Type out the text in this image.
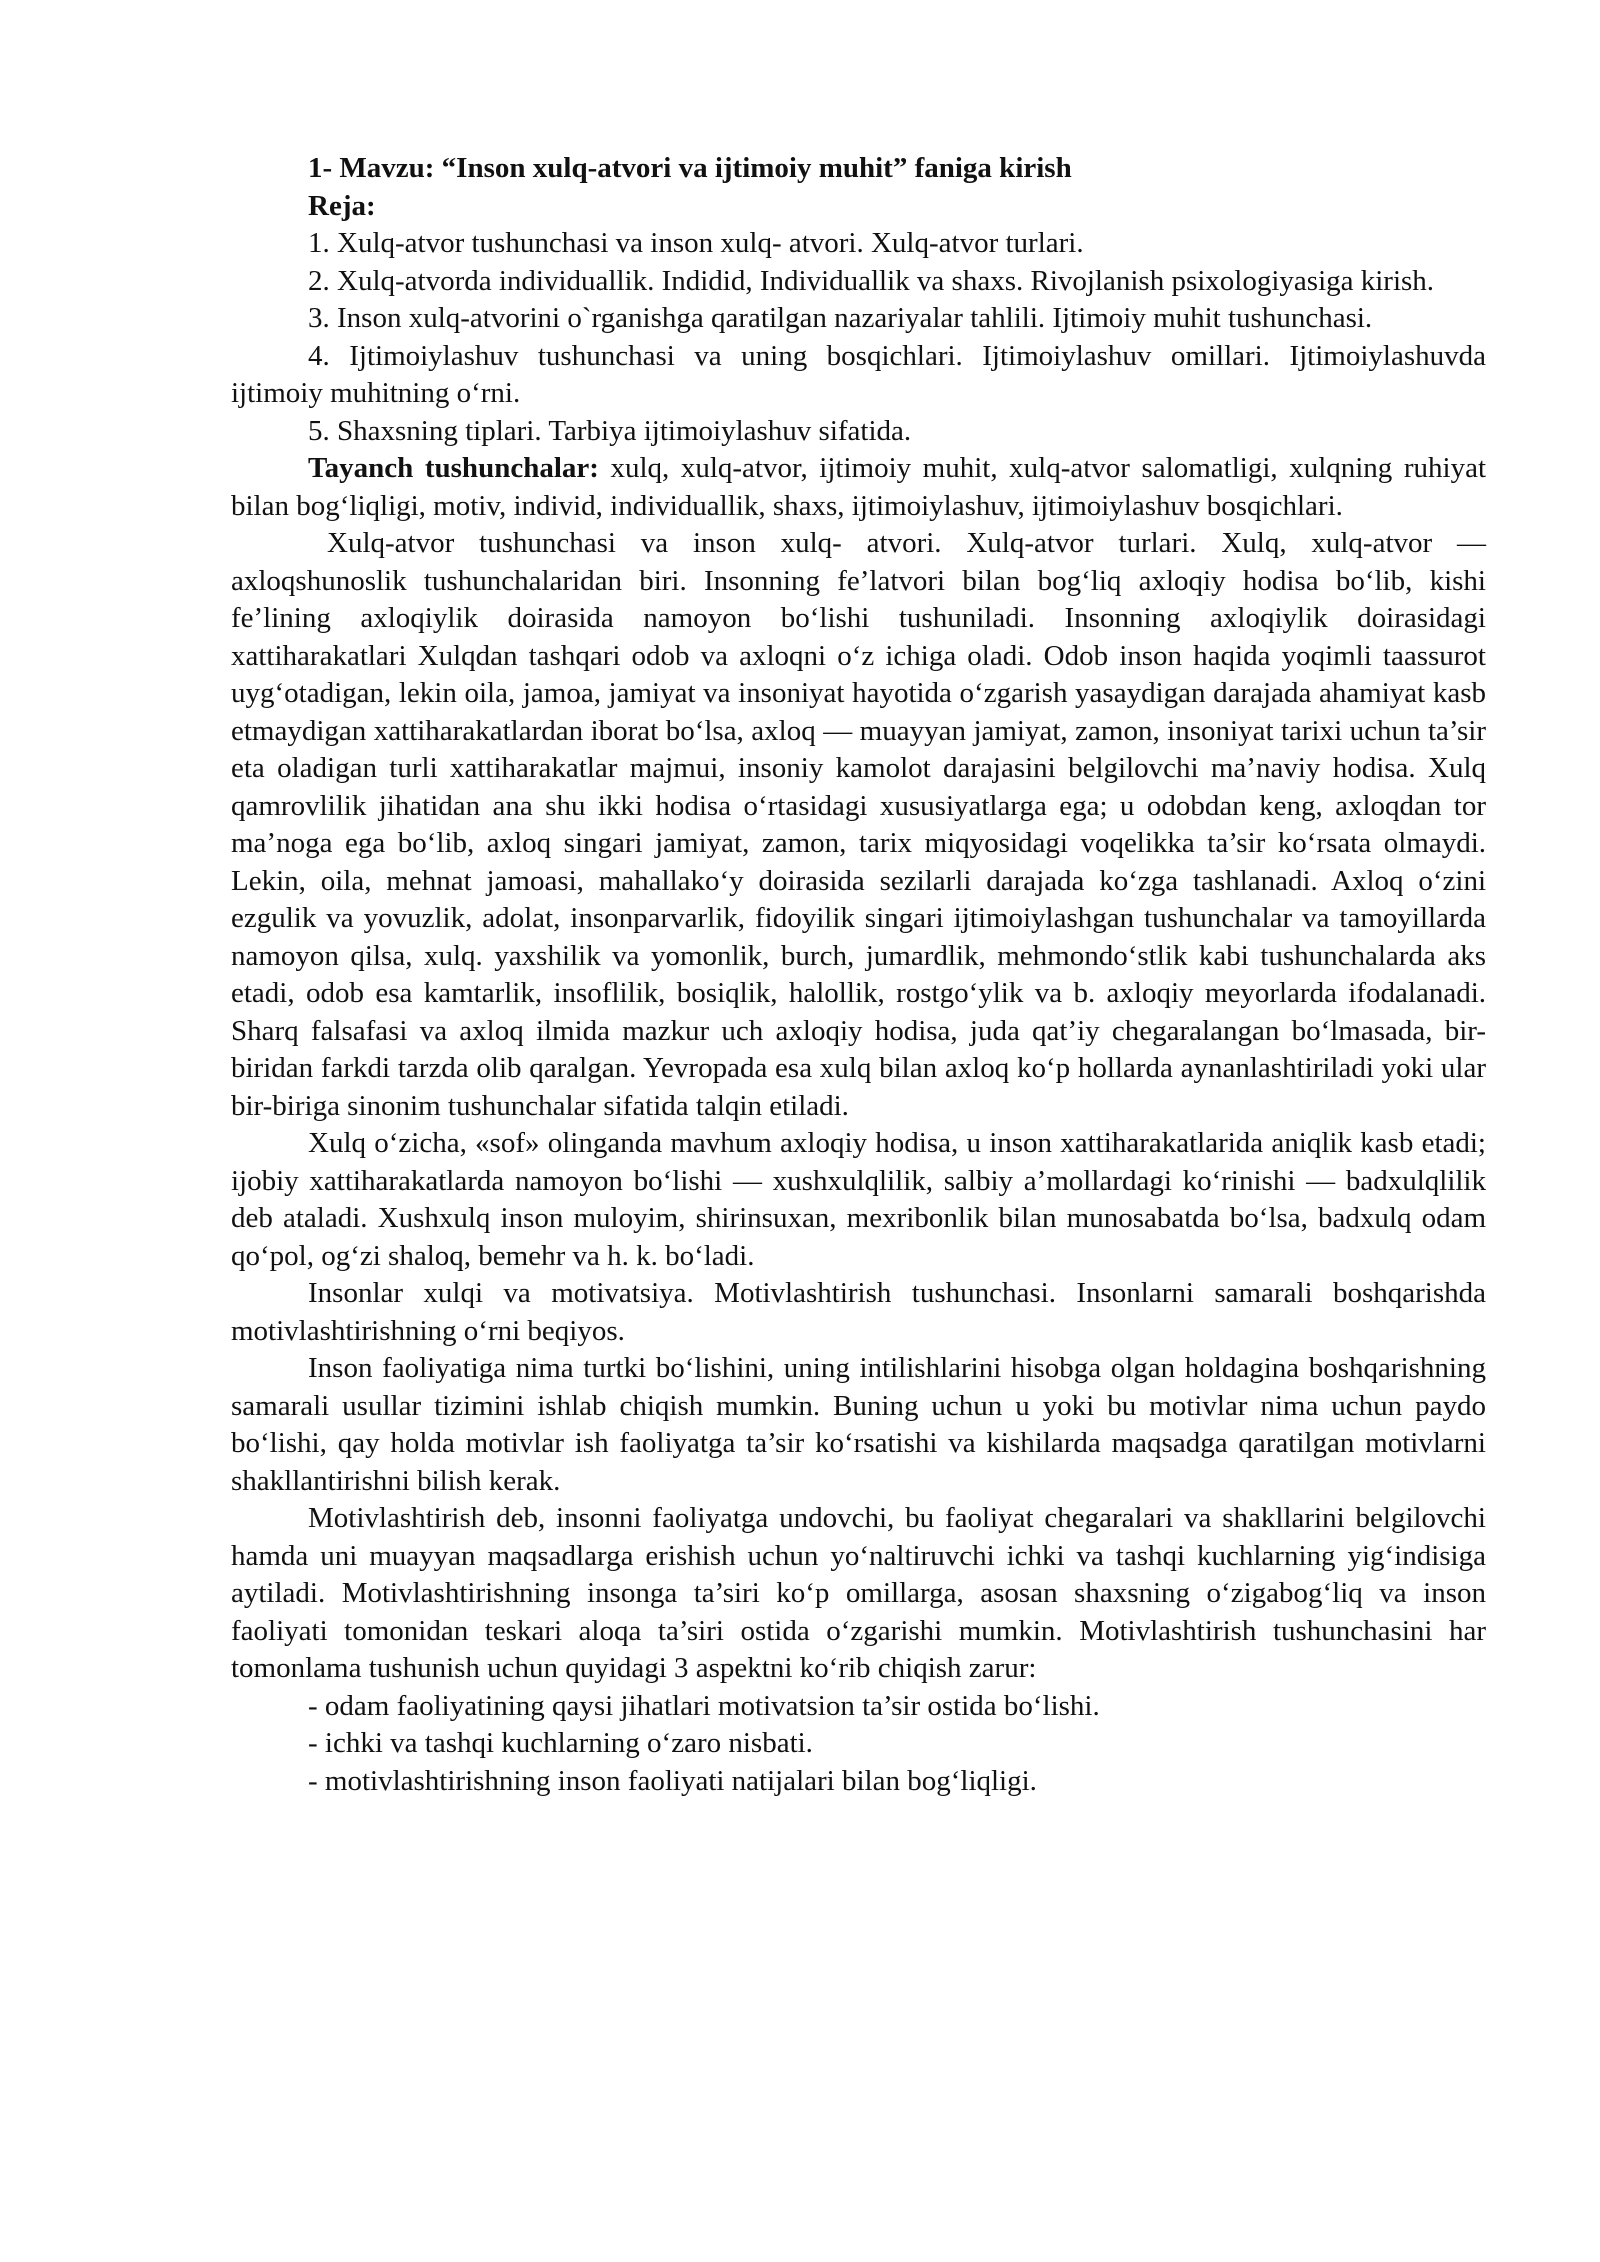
1- Mavzu: “Inson xulq-atvori va ijtimoiy muhit” faniga kirish
Reja:

1. Xulq-atvor tushunchasi va inson xulq- atvori. Xulq-atvor turlari.

2. Xulq-atvorda individuallik. Indidid, Individuallik va shaxs. Rivojlanish psixologiyasiga kirish.

3. Inson xulq-atvorini o`rganishga qaratilgan nazariyalar tahlili. Ijtimoiy muhit tushunchasi.

4. Ijtimoiylashuv tushunchasi va uning bosqichlari. Ijtimoiylashuv omillari. Ijtimoiylashuvda ijtimoiy muhitning o‘rni.

5. Shaxsning tiplari. Tarbiya ijtimoiylashuv sifatida.

Tayanch tushunchalar: xulq, xulq-atvor, ijtimoiy muhit, xulq-atvor salomatligi, xulqning ruhiyat bilan bog‘liqligi, motiv, individ, individuallik, shaxs, ijtimoiylashuv, ijtimoiylashuv bosqichlari.

Xulq-atvor tushunchasi va inson xulq- atvori. Xulq-atvor turlari. Xulq, xulq-atvor — axloqshunoslik tushunchalaridan biri. Insonning fe’latvori bilan bog‘liq axloqiy hodisa bo‘lib, kishi fe’lining axloqiylik doirasida namoyon bo‘lishi tushuniladi. Insonning axloqiylik doirasidagi xattiharakatlari Xulqdan tashqari odob va axloqni o‘z ichiga oladi. Odob inson haqida yoqimli taassurot uyg‘otadigan, lekin oila, jamoa, jamiyat va insoniyat hayotida o‘zgarish yasaydigan darajada ahamiyat kasb etmaydigan xattiharakatlardan iborat bo‘lsa, axloq — muayyan jamiyat, zamon, insoniyat tarixi uchun ta’sir eta oladigan turli xattiharakatlar majmui, insoniy kamolot darajasini belgilovchi ma’naviy hodisa. Xulq qamrovlilik jihatidan ana shu ikki hodisa o‘rtasidagi xususiyatlarga ega; u odobdan keng, axloqdan tor ma’noga ega bo‘lib, axloq singari jamiyat, zamon, tarix miqyosidagi voqelikka ta’sir ko‘rsata olmaydi. Lekin, oila, mehnat jamoasi, mahallako‘y doirasida sezilarli darajada ko‘zga tashlanadi. Axloq o‘zini ezgulik va yovuzlik, adolat, insonparvarlik, fidoyilik singari ijtimoiylashgan tushunchalar va tamoyillarda namoyon qilsa, xulq. yaxshilik va yomonlik, burch, jumardlik, mehmondo‘stlik kabi tushunchalarda aks etadi, odob esa kamtarlik, insoflilik, bosiqlik, halollik, rostgo‘ylik va b. axloqiy meyorlarda ifodalanadi. Sharq falsafasi va axloq ilmida mazkur uch axloqiy hodisa, juda qat’iy chegaralangan bo‘lmasada, bir-biridan farkdi tarzda olib qaralgan. Yevropada esa xulq bilan axloq ko‘p hollarda aynanlashtiriladi yoki ular bir-biriga sinonim tushunchalar sifatida talqin etiladi.

Xulq o‘zicha, «sof» olinganda mavhum axloqiy hodisa, u inson xattiharakatlarida aniqlik kasb etadi; ijobiy xattiharakatlarda namoyon bo‘lishi — xushxulqlilik, salbiy a’mollardagi ko‘rinishi — badxulqlilik deb ataladi. Xushxulq inson muloyim, shirinsuxan, mexribonlik bilan munosabatda bo‘lsa, badxulq odam qo‘pol, og‘zi shaloq, bemehr va h. k. bo‘ladi.

Insonlar xulqi va motivatsiya. Motivlashtirish tushunchasi. Insonlarni samarali boshqarishda motivlashtirishning o‘rni beqiyos.

Inson faoliyatiga nima turtki bo‘lishini, uning intilishlarini hisobga olgan holdagina boshqarishning samarali usullar tizimini ishlab chiqish mumkin. Buning uchun u yoki bu motivlar nima uchun paydo bo‘lishi, qay holda motivlar ish faoliyatga ta’sir ko‘rsatishi va kishilarda maqsadga qaratilgan motivlarni shakllantirishni bilish kerak.

Motivlashtirish deb, insonni faoliyatga undovchi, bu faoliyat chegaralari va shakllarini belgilovchi hamda uni muayyan maqsadlarga erishish uchun yo‘naltiruvchi ichki va tashqi kuchlarning yig‘indisiga aytiladi. Motivlashtirishning insonga ta’siri ko‘p omillarga, asosan shaxsning o‘zigabog‘liq va inson faoliyati tomonidan teskari aloqa ta’siri ostida o‘zgarishi mumkin. Motivlashtirish tushunchasini har tomonlama tushunish uchun quyidagi 3 aspektni ko‘rib chiqish zarur:

- odam faoliyatining qaysi jihatlari motivatsion ta’sir ostida bo‘lishi.

- ichki va tashqi kuchlarning o‘zaro nisbati.

- motivlashtirishning inson faoliyati natijalari bilan bog‘liqligi.
